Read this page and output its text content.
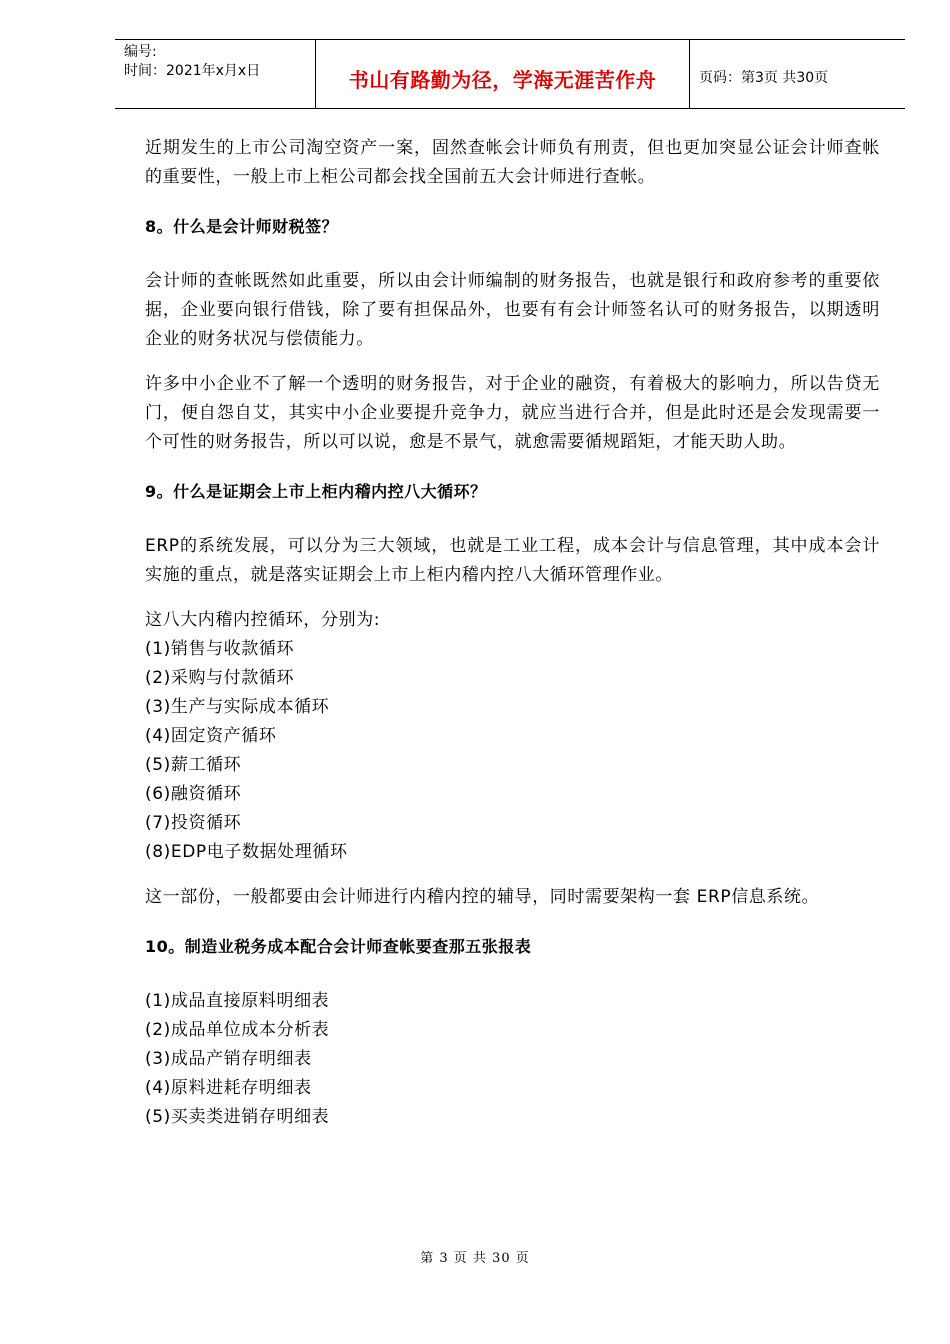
编号:
时间：2021年x月x日	书山有路勤为径，学海无涯苦作舟	页码：第3页 共30页

近期发生的上市公司淘空资产一案，固然查帐会计师负有刑责，但也更加突显公证会计师查帐的重要性，一般上市上柜公司都会找全国前五大会计师进行查帐。

8。什么是会计师财税签？

会计师的查帐既然如此重要，所以由会计师编制的财务报告，也就是银行和政府参考的重要依据，企业要向银行借钱，除了要有担保品外，也要有有会计师签名认可的财务报告，以期透明企业的财务状况与偿债能力。

许多中小企业不了解一个透明的财务报告，对于企业的融资，有着极大的影响力，所以告贷无门，便自怨自艾，其实中小企业要提升竞争力，就应当进行合并，但是此时还是会发现需要一个可性的财务报告，所以可以说，愈是不景气，就愈需要循规蹈矩，才能天助人助。

9。什么是证期会上市上柜内稽内控八大循环？

ERP的系统发展，可以分为三大领域，也就是工业工程，成本会计与信息管理，其中成本会计实施的重点，就是落实证期会上市上柜内稽内控八大循环管理作业。

这八大内稽内控循环，分别为:

(1)销售与收款循环
(2)采购与付款循环
(3)生产与实际成本循环
(4)固定资产循环
(5)薪工循环
(6)融资循环
(7)投资循环
(8)EDP电子数据处理循环

这一部份，一般都要由会计师进行内稽内控的辅导，同时需要架构一套 ERP信息系统。

10。制造业税务成本配合会计师查帐要查那五张报表
(1)成品直接原料明细表
(2)成品单位成本分析表
(3)成品产销存明细表
(4)原料进耗存明细表
(5)买卖类进销存明细表
第 3 页 共 30 页
